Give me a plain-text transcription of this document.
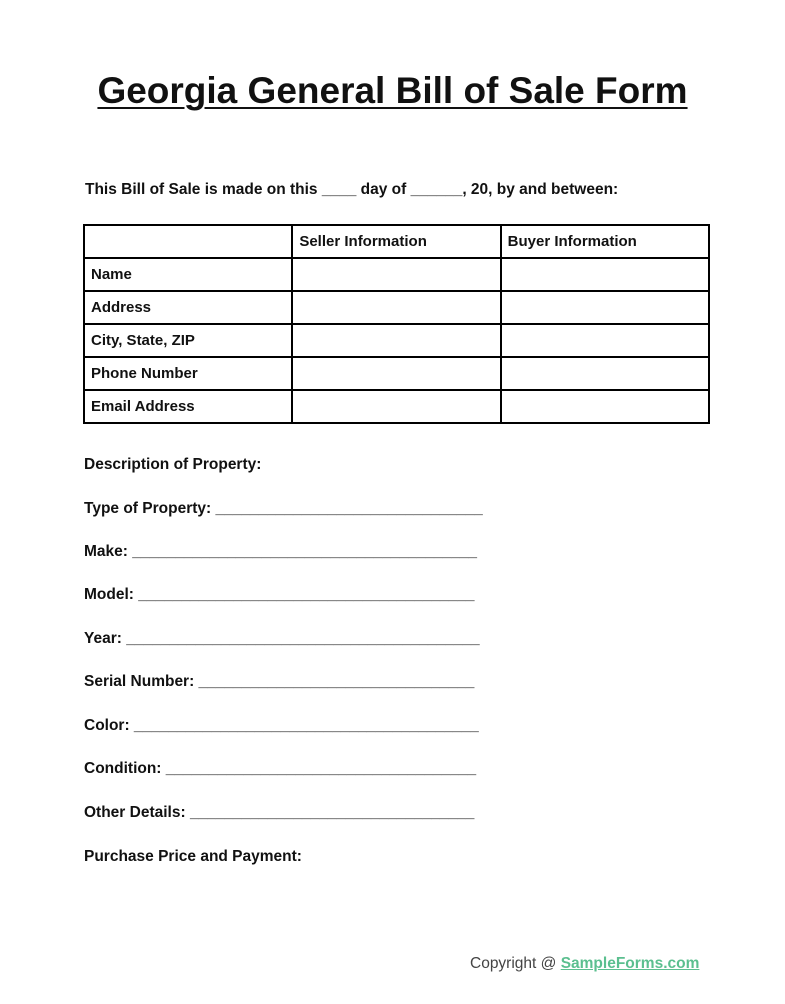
Georgia General Bill of Sale Form

This Bill of Sale is made on this ____ day of ______, 20, by and between:

	Seller Information	Buyer Information
Name		
Address		
City, State, ZIP		
Phone Number		
Email Address		

Description of Property:

Type of Property: _______________________________

Make: ________________________________________

Model: _______________________________________

Year: _________________________________________

Serial Number: ________________________________

Color: ________________________________________

Condition: ____________________________________

Other Details: _________________________________

Purchase Price and Payment:

Copyright @ SampleForms.com
